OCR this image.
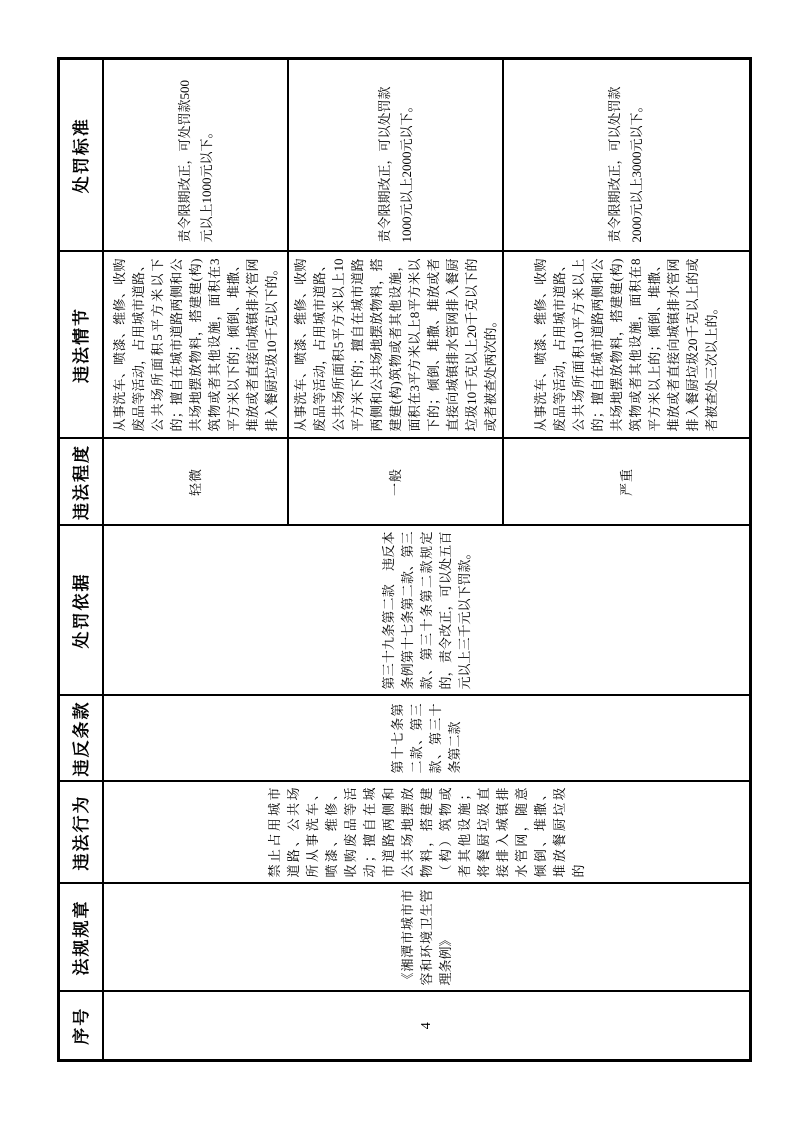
序号	法规规章	违法行为	违反条款	处罚依据	违法程度	违法情节	处罚标准
4	《湘潭市城市市容和环境卫生管理条例》	禁止占用城市道路、公共场所从事洗车、喷漆、维修、收购废品等活动；擅自在城市道路两侧和公共场地摆放物料，搭建建（构）筑物或者其他设施；将餐厨垃圾直接排入城镇排水管网，随意倾倒、堆撒、堆放餐厨垃圾的	第十七条第二款、第三款、第三十条第二款	第三十九条第二款　违反本条例第十七条第二款、第三款、第三十条第二款规定的，责令改正，可以处五百元以上三千元以下罚款。	轻微	从事洗车、喷漆、维修、收购废品等活动，占用城市道路、公共场所面积5平方米以下的；擅自在城市道路两侧和公共场地摆放物料，搭建建(构)筑物或者其他设施，面积在3平方米以下的；倾倒、堆撒、堆放或者直接向城镇排水管网排入餐厨垃圾10千克以下的。	责令限期改正，可处罚款500元以上1000元以下。
					一般	从事洗车、喷漆、维修、收购废品等活动，占用城市道路、公共场所面积5平方米以上10平方米下的；擅自在城市道路两侧和公共场地摆放物料，搭建建(构)筑物或者其他设施，面积在3平方米以上8平方米以下的；倾倒、堆撒、堆放或者直接向城镇排水管网排入餐厨垃圾10千克以上20千克以下的或者被查处两次的。	责令限期改正，可以处罚款1000元以上2000元以下。
					严重	从事洗车、喷漆、维修、收购废品等活动，占用城市道路、公共场所面积10平方米以上的；擅自在城市道路两侧和公共场地摆放物料，搭建建(构)筑物或者其他设施，面积在8平方米以上的；倾倒、堆撒、堆放或者直接向城镇排水管网排入餐厨垃圾20千克以上的或者被查处三次以上的。	责令限期改正，可以处罚款2000元以上3000元以下。
